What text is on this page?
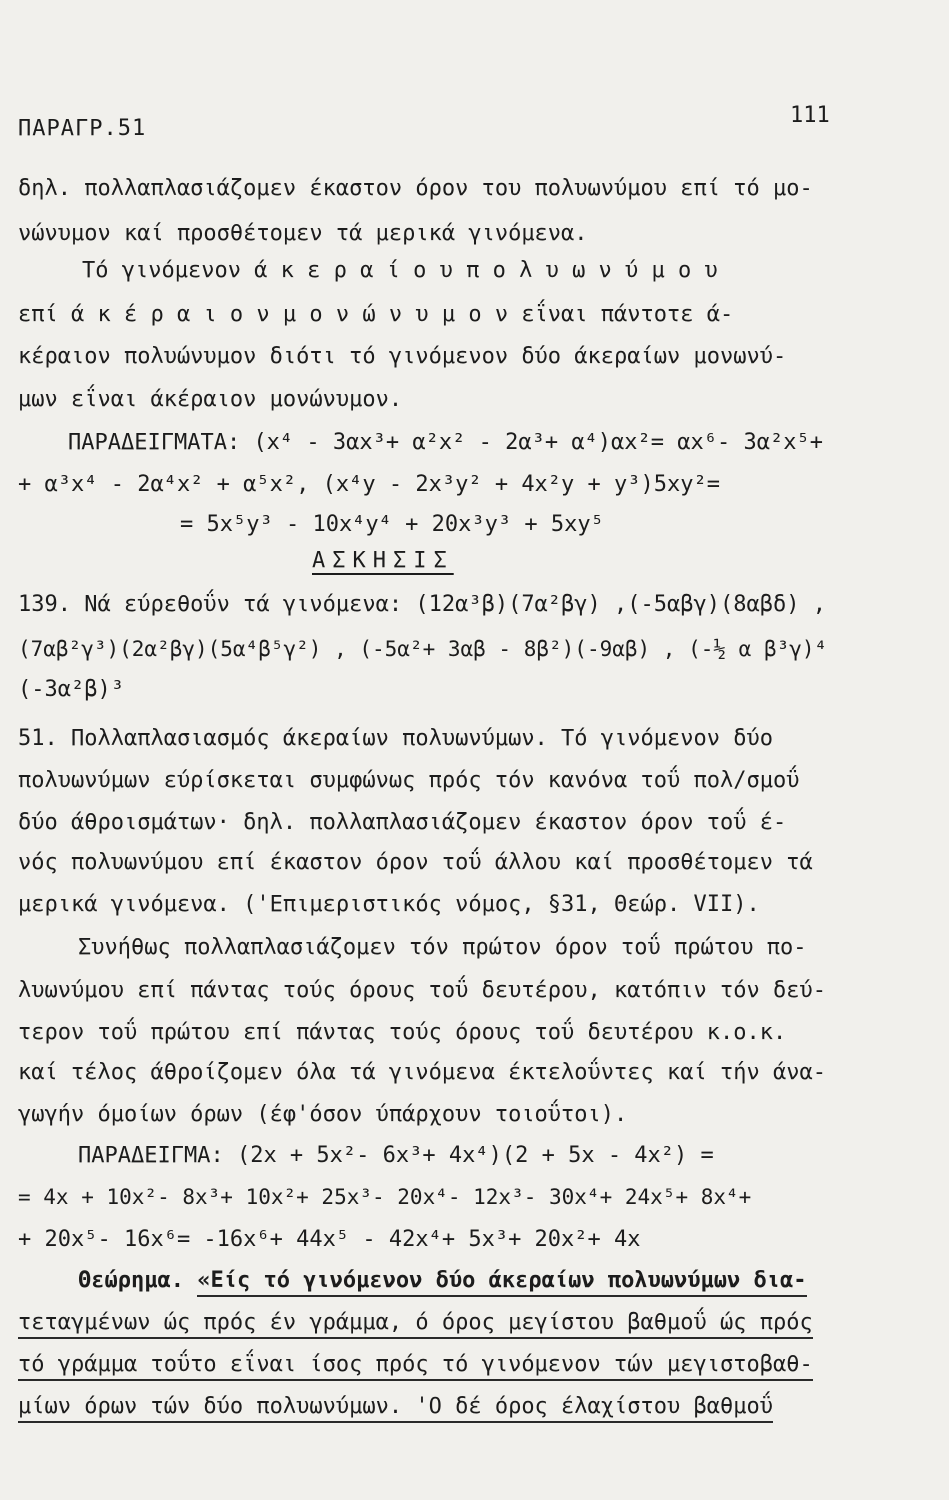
ΠΑΡΑΓΡ.51
111
δηλ. πολλαπλασιάζομεν έκαστον όρον του πολυωνύμου επί τό μο-
νώνυμον καί προσθέτομεν τά μερικά γινόμενα.
Τό γινόμενον ά κ ε ρ α ί ο υ π ο λ υ ω ν ύ μ ο υ
επί ά κ έ ρ α ι ο ν μ ο ν ώ ν υ μ ο ν εΐναι πάντοτε ά-
κέραιον πολυώνυμον διότι τό γινόμενον δύο άκεραίων μονωνύ-
μων εΐναι άκέραιον μονώνυμον.
ΠΑΡΑΔΕΙΓΜΑΤΑ: (x⁴ - 3αx³+ α²x² - 2α³+ α⁴)αx²= αx⁶- 3α²x⁵+
+ α³x⁴ - 2α⁴x² + α⁵x², (x⁴y - 2x³y² + 4x²y + y³)5xy²=
= 5x⁵y³ - 10x⁴y⁴ + 20x³y³ + 5xy⁵
ΑΣΚΗΣΙΣ
139. Νά εύρεθοΰν τά γινόμενα: (12α³β)(7α²βγ) ,(-5αβγ)(8αβδ) ,
(7αβ²γ³)(2α²βγ)(5α⁴β⁵γ²) , (-5α²+ 3αβ - 8β²)(-9αβ) , (-½ α β³γ)⁴
(-3α²β)³
51. Πολλαπλασιασμός άκεραίων πολυωνύμων. Τό γινόμενον δύο
πολυωνύμων εύρίσκεται συμφώνως πρός τόν κανόνα τοΰ πολ/σμοΰ
δύο άθροισμάτων· δηλ. πολλαπλασιάζομεν έκαστον όρον τοΰ έ-
νός πολυωνύμου επί έκαστον όρον τοΰ άλλου καί προσθέτομεν τά
μερικά γινόμενα. ('Επιμεριστικός νόμος, §31, Θεώρ. VII).
Συνήθως πολλαπλασιάζομεν τόν πρώτον όρον τοΰ πρώτου πο-
λυωνύμου επί πάντας τούς όρους τοΰ δευτέρου, κατόπιν τόν δεύ-
τερον τοΰ πρώτου επί πάντας τούς όρους τοΰ δευτέρου κ.ο.κ.
καί τέλος άθροίζομεν όλα τά γινόμενα έκτελοΰντες καί τήν άνα-
γωγήν όμοίων όρων (έφ'όσον ύπάρχουν τοιοΰτοι).
ΠΑΡΑΔΕΙΓΜΑ: (2x + 5x²- 6x³+ 4x⁴)(2 + 5x - 4x²) =
= 4x + 10x²- 8x³+ 10x²+ 25x³- 20x⁴- 12x³- 30x⁴+ 24x⁵+ 8x⁴+
+ 20x⁵- 16x⁶= -16x⁶+ 44x⁵ - 42x⁴+ 5x³+ 20x²+ 4x
Θεώρημα. «Είς τό γινόμενον δύο άκεραίων πολυωνύμων δια-
τεταγμένων ώς πρός έν γράμμα, ό όρος μεγίστου βαθμοΰ ώς πρός
τό γράμμα τοΰτο εΐναι ίσος πρός τό γινόμενον τών μεγιστοβαθ-
μίων όρων τών δύο πολυωνύμων. 'Ο δέ όρος έλαχίστου βαθμοΰ
